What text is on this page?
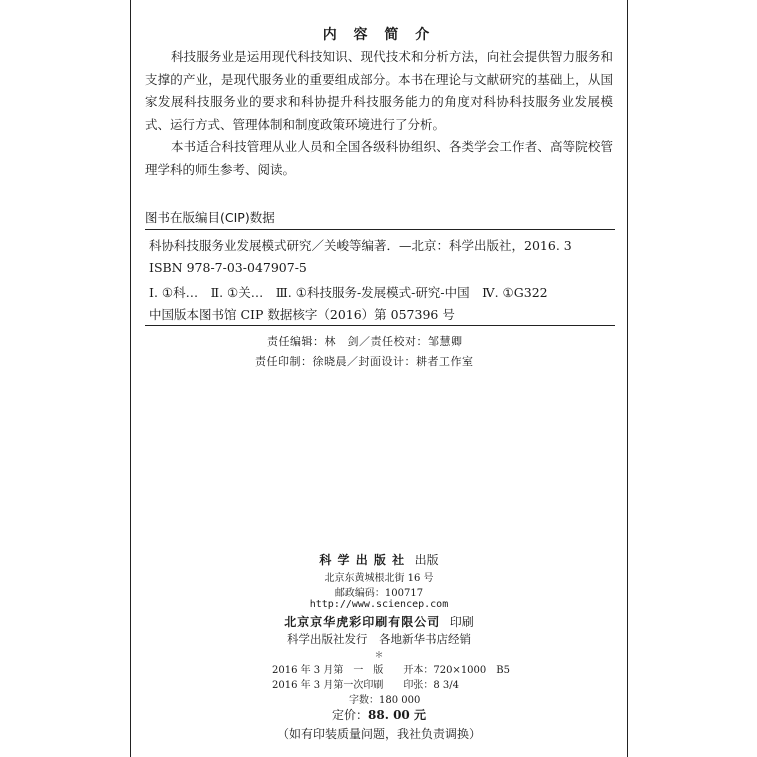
内 容 简 介

科技服务业是运用现代科技知识、现代技术和分析方法，向社会提供智力服务和支撑的产业，是现代服务业的重要组成部分。本书在理论与文献研究的基础上，从国家发展科技服务业的要求和科协提升科技服务能力的角度对科协科技服务业发展模式、运行方式、管理体制和制度政策环境进行了分析。

本书适合科技管理从业人员和全国各级科协组织、各类学会工作者、高等院校管理学科的师生参考、阅读。

图书在版编目(CIP)数据
科协科技服务业发展模式研究／关峻等编著．—北京：科学出版社，2016. 3
ISBN 978-7-03-047907-5
Ⅰ. ①科…　Ⅱ. ①关…　Ⅲ. ①科技服务-发展模式-研究-中国　Ⅳ. ①G322
中国版本图书馆 CIP 数据核字（2016）第 057396 号
责任编辑：林　剑／责任校对：邹慧卿
责任印制：徐晓晨／封面设计：耕者工作室
科 学 出 版 社 出版
北京东黄城根北街 16 号
邮政编码：100717
http://www.sciencep.com
北京京华虎彩印刷有限公司 印刷
科学出版社发行　各地新华书店经销
＊
2016 年 3 月第　一　版　　开本：720×1000　B5
2016 年 3 月第一次印刷　　印张：8 3/4
字数：180 000
定价：88. 00 元
（如有印装质量问题，我社负责调换）
